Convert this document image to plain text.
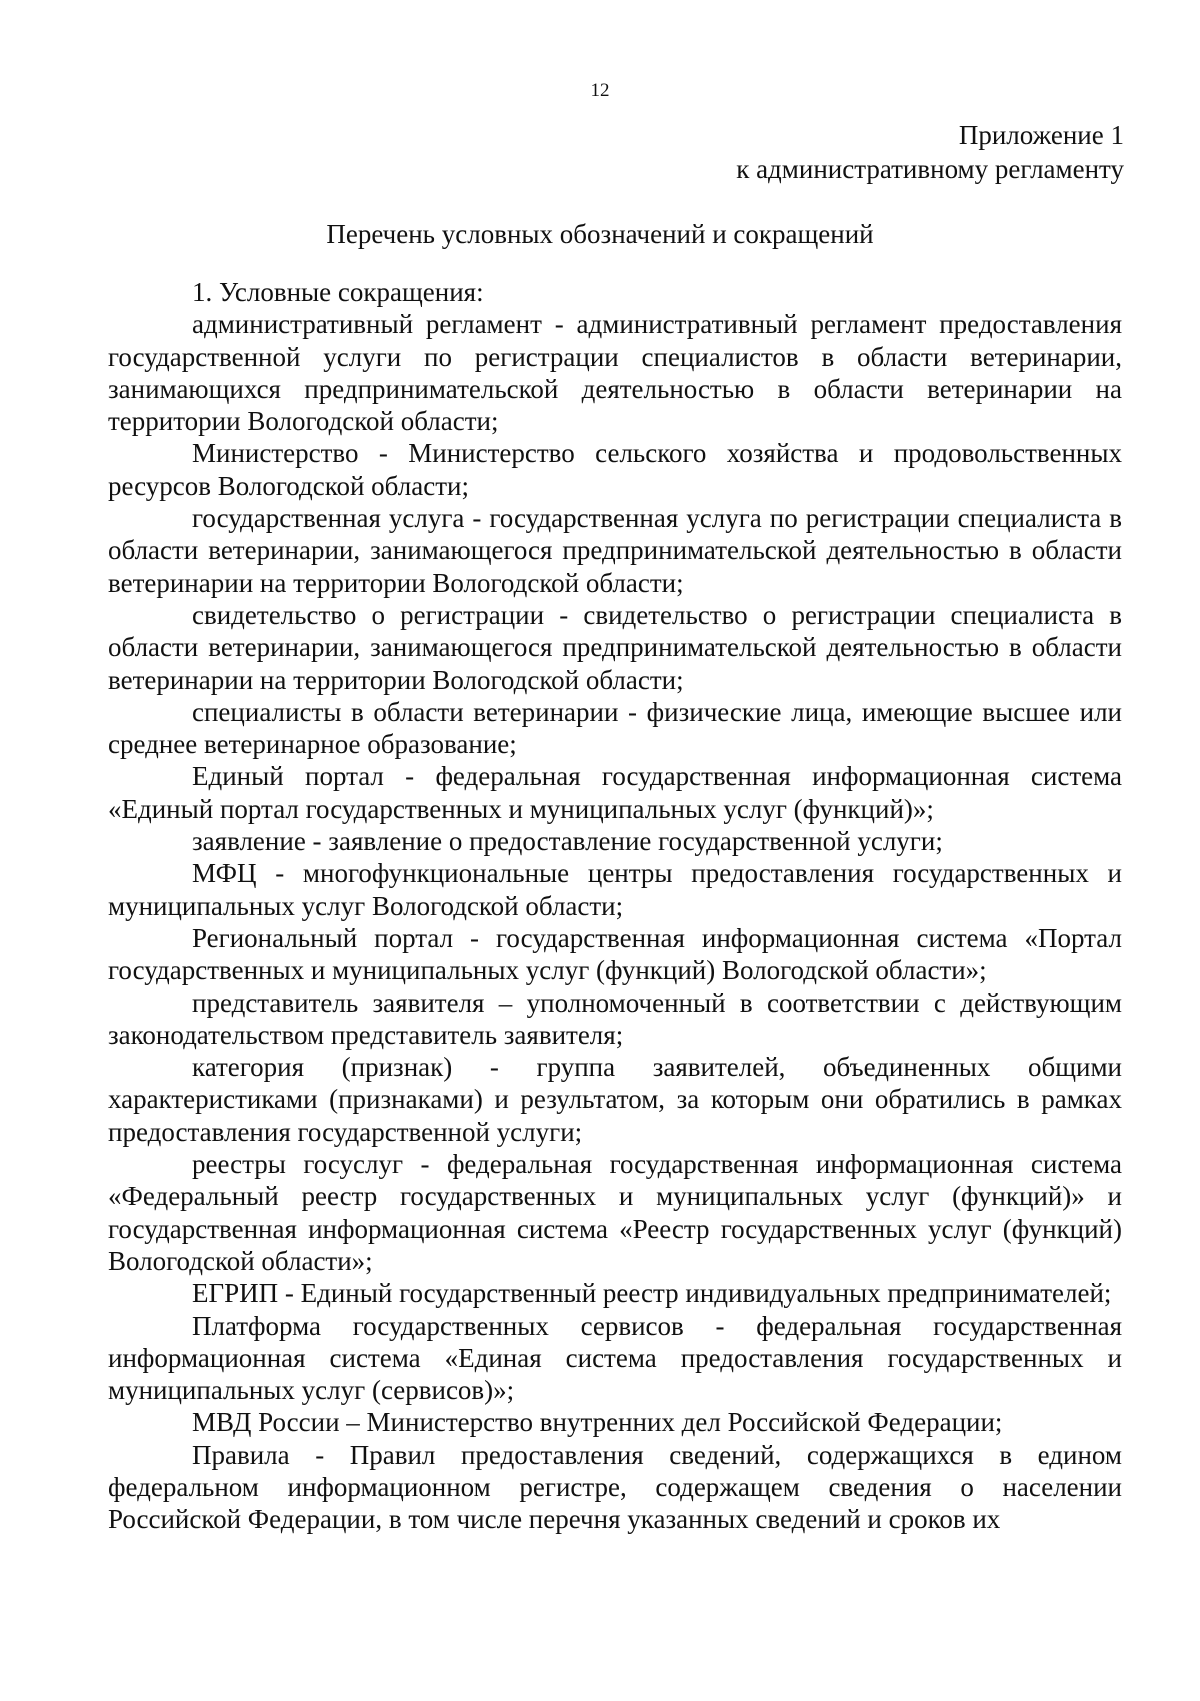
12
Приложение 1
к административному регламенту
Перечень условных обозначений и сокращений

1. Условные сокращения:

административный регламент - административный регламент предоставления государственной услуги по регистрации специалистов в области ветеринарии, занимающихся предпринимательской деятельностью в области ветеринарии на территории Вологодской области;

Министерство - Министерство сельского хозяйства и продовольственных ресурсов Вологодской области;

государственная услуга - государственная услуга по регистрации специалиста в области ветеринарии, занимающегося предпринимательской деятельностью в области ветеринарии на территории Вологодской области;

свидетельство о регистрации - свидетельство о регистрации специалиста в области ветеринарии, занимающегося предпринимательской деятельностью в области ветеринарии на территории Вологодской области;

специалисты в области ветеринарии - физические лица, имеющие высшее или среднее ветеринарное образование;

Единый портал - федеральная государственная информационная система «Единый портал государственных и муниципальных услуг (функций)»;

заявление - заявление о предоставление государственной услуги;

МФЦ - многофункциональные центры предоставления государственных и муниципальных услуг Вологодской области;

Региональный портал - государственная информационная система «Портал государственных и муниципальных услуг (функций) Вологодской области»;

представитель заявителя – уполномоченный в соответствии с действующим законодательством представитель заявителя;

категория (признак) - группа заявителей, объединенных общими характеристиками (признаками) и результатом, за которым они обратились в рамках предоставления государственной услуги;

реестры госуслуг - федеральная государственная информационная система «Федеральный реестр государственных и муниципальных услуг (функций)» и государственная информационная система «Реестр государственных услуг (функций) Вологодской области»;

ЕГРИП - Единый государственный реестр индивидуальных предпринимателей;

Платформа государственных сервисов - федеральная государственная информационная система «Единая система предоставления государственных и муниципальных услуг (сервисов)»;

МВД России – Министерство внутренних дел Российской Федерации;

Правила - Правил предоставления сведений, содержащихся в едином федеральном информационном регистре, содержащем сведения о населении Российской Федерации, в том числе перечня указанных сведений и сроков их
